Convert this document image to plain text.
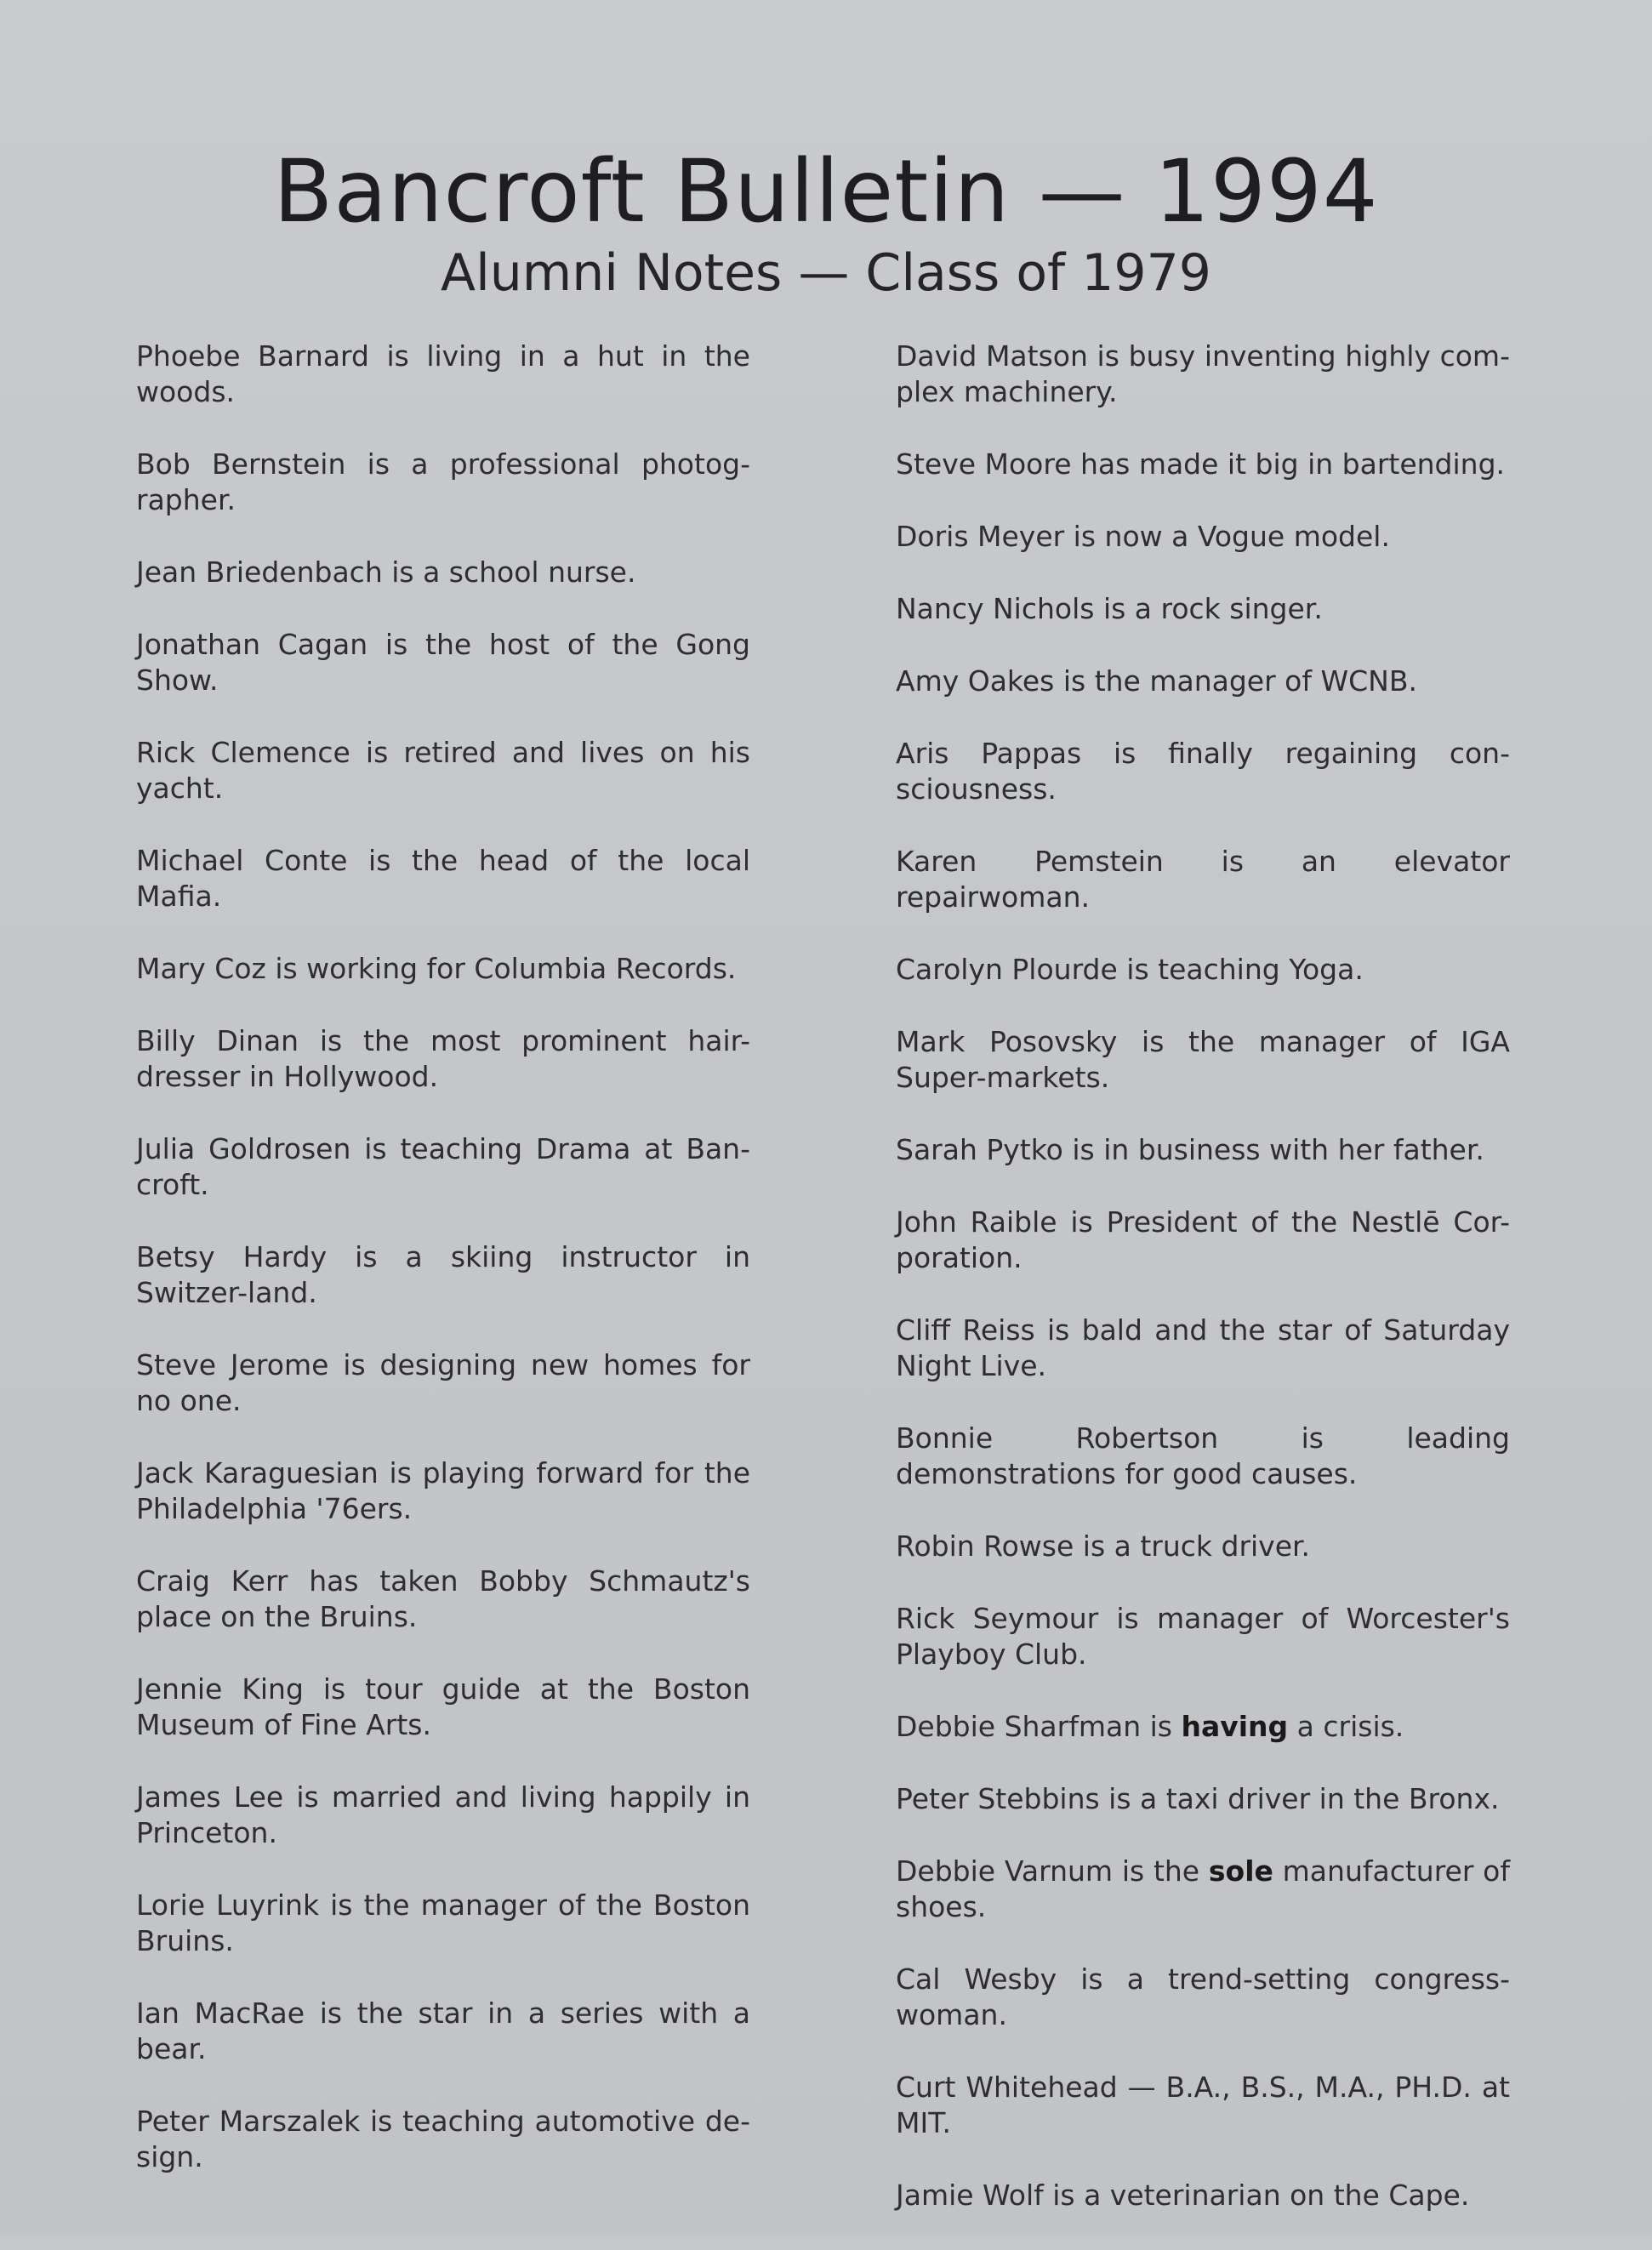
Bancroft Bulletin — 1994
Alumni Notes — Class of 1979

Phoebe Barnard is living in a hut in the woods.

Bob Bernstein is a professional photog-rapher.

Jean Briedenbach is a school nurse.

Jonathan Cagan is the host of the Gong Show.

Rick Clemence is retired and lives on his yacht.

Michael Conte is the head of the local Mafia.

Mary Coz is working for Columbia Records.

Billy Dinan is the most prominent hair-dresser in Hollywood.

Julia Goldrosen is teaching Drama at Ban-croft.

Betsy Hardy is a skiing instructor in Switzer-land.

Steve Jerome is designing new homes for no one.

Jack Karaguesian is playing forward for the Philadelphia '76ers.

Craig Kerr has taken Bobby Schmautz's place on the Bruins.

Jennie King is tour guide at the Boston Museum of Fine Arts.

James Lee is married and living happily in Princeton.

Lorie Luyrink is the manager of the Boston Bruins.

Ian MacRae is the star in a series with a bear.

Peter Marszalek is teaching automotive de-sign.

David Matson is busy inventing highly com-plex machinery.

Steve Moore has made it big in bartending.

Doris Meyer is now a Vogue model.

Nancy Nichols is a rock singer.

Amy Oakes is the manager of WCNB.

Aris Pappas is finally regaining con-sciousness.

Karen Pemstein is an elevator repairwoman.

Carolyn Plourde is teaching Yoga.

Mark Posovsky is the manager of IGA Super-markets.

Sarah Pytko is in business with her father.

John Raible is President of the Nestlē Cor-poration.

Cliff Reiss is bald and the star of Saturday Night Live.

Bonnie Robertson is leading demonstrations for good causes.

Robin Rowse is a truck driver.

Rick Seymour is manager of Worcester's Playboy Club.

Debbie Sharfman is having a crisis.

Peter Stebbins is a taxi driver in the Bronx.

Debbie Varnum is the sole manufacturer of shoes.

Cal Wesby is a trend-setting congress-woman.

Curt Whitehead — B.A., B.S., M.A., PH.D. at MIT.

Jamie Wolf is a veterinarian on the Cape.
